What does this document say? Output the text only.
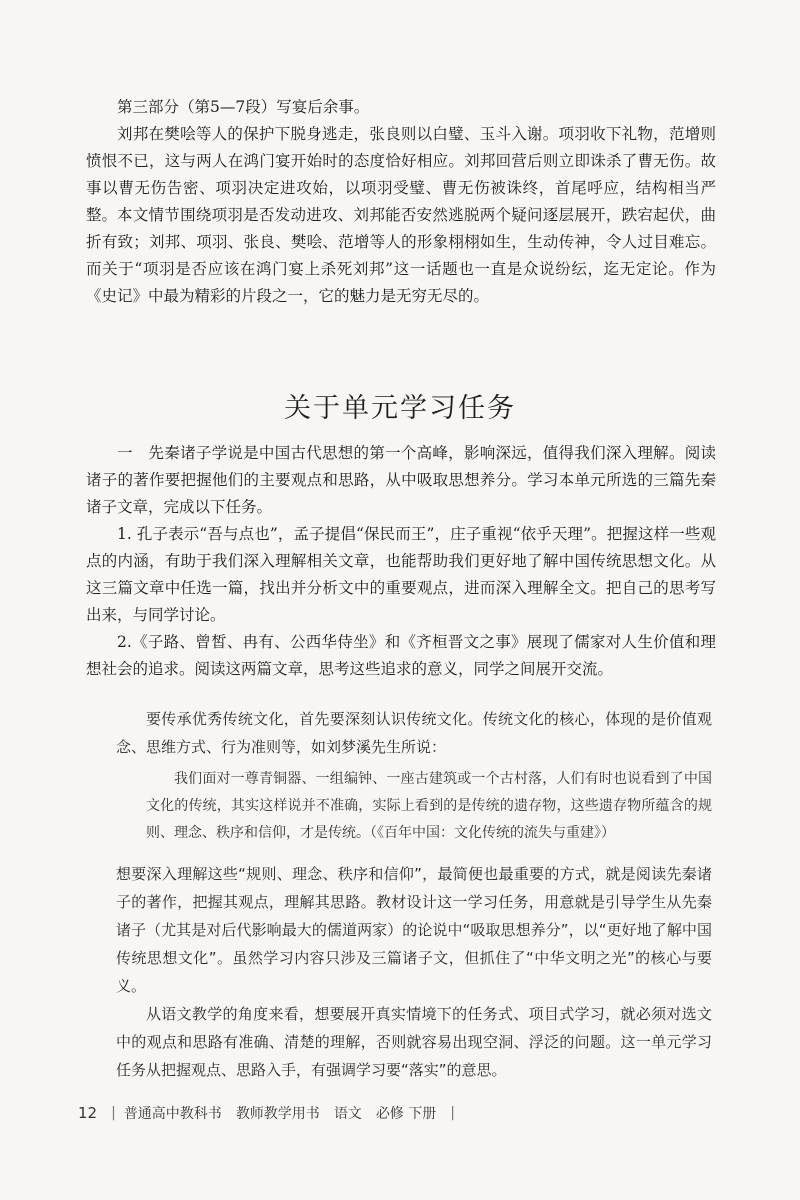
第三部分（第5—7段）写宴后余事。

刘邦在樊哙等人的保护下脱身逃走，张良则以白璧、玉斗入谢。项羽收下礼物，范增则愤恨不已，这与两人在鸿门宴开始时的态度恰好相应。刘邦回营后则立即诛杀了曹无伤。故事以曹无伤告密、项羽决定进攻始，以项羽受璧、曹无伤被诛终，首尾呼应，结构相当严整。 本文情节围绕项羽是否发动进攻、刘邦能否安然逃脱两个疑问逐层展开，跌宕起伏，曲折有致；刘邦、项羽、张良、樊哙、范增等人的形象栩栩如生，生动传神，令人过目难忘。而关于“项羽是否应该在鸿门宴上杀死刘邦”这一话题也一直是众说纷纭，迄无定论。作为《史记》中最为精彩的片段之一，它的魅力是无穷无尽的。

关于单元学习任务

一　先秦诸子学说是中国古代思想的第一个高峰，影响深远，值得我们深入理解。阅读诸子的著作要把握他们的主要观点和思路，从中吸取思想养分。学习本单元所选的三篇先秦诸子文章，完成以下任务。

1. 孔子表示“吾与点也”，孟子提倡“保民而王”，庄子重视“依乎天理”。把握这样一些观点的内涵，有助于我们深入理解相关文章，也能帮助我们更好地了解中国传统思想文化。从这三篇文章中任选一篇，找出并分析文中的重要观点，进而深入理解全文。把自己的思考写出来，与同学讨论。

2.《子路、曾皙、冉有、公西华侍坐》和《齐桓晋文之事》展现了儒家对人生价值和理想社会的追求。阅读这两篇文章，思考这些追求的意义，同学之间展开交流。

要传承优秀传统文化，首先要深刻认识传统文化。传统文化的核心，体现的是价值观念、思维方式、行为准则等，如刘梦溪先生所说：

我们面对一尊青铜器、一组编钟、一座古建筑或一个古村落，人们有时也说看到了中国文化的传统，其实这样说并不准确，实际上看到的是传统的遗存物，这些遗存物所蕴含的规则、理念、秩序和信仰，才是传统。（《百年中国：文化传统的流失与重建》）

想要深入理解这些“规则、理念、秩序和信仰”，最简便也最重要的方式，就是阅读先秦诸子的著作，把握其观点，理解其思路。教材设计这一学习任务，用意就是引导学生从先秦诸子（尤其是对后代影响最大的儒道两家）的论说中“吸取思想养分”，以“更好地了解中国传统思想文化”。虽然学习内容只涉及三篇诸子文，但抓住了“中华文明之光”的核心与要义。

从语文教学的角度来看，想要展开真实情境下的任务式、项目式学习，就必须对选文中的观点和思路有准确、清楚的理解，否则就容易出现空洞、浮泛的问题。这一单元学习任务从把握观点、思路入手，有强调学习要“落实”的意思。

12 | 普通高中教科书 教师教学用书 语文 必修 下册 |
